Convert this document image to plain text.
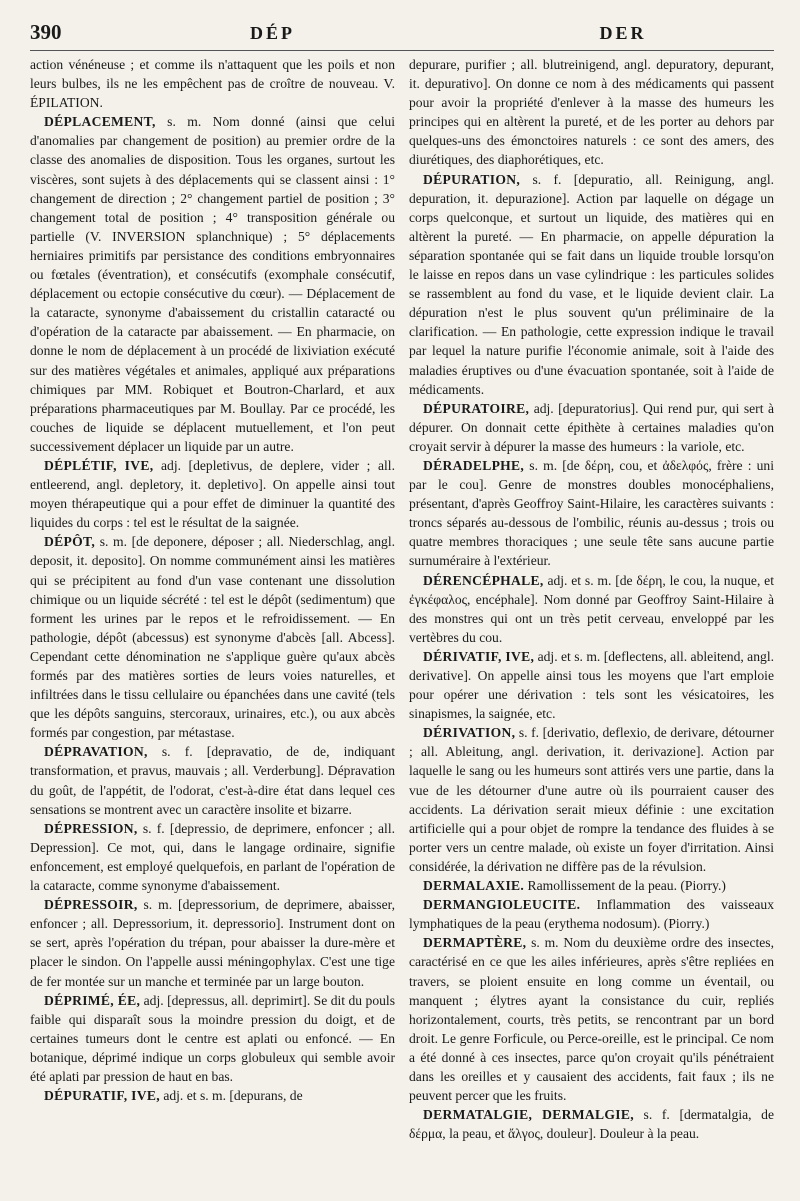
390	DÉP	DER

action vénéneuse ; et comme ils n'attaquent que les poils et non leurs bulbes, ils ne les empêchent pas de croître de nouveau. V. ÉPILATION.

DÉPLACEMENT, s. m. Nom donné (ainsi que celui d'anomalies par changement de position) au premier ordre de la classe des anomalies de disposition. Tous les organes, surtout les viscères, sont sujets à des déplacements qui se classent ainsi : 1° changement de direction ; 2° changement partiel de position ; 3° changement total de position ; 4° transposition générale ou partielle (V. INVERSION splanchnique) ; 5° déplacements herniaires primitifs par persistance des conditions embryonnaires ou fœtales (éventration), et consécutifs (exomphale consécutif, déplacement ou ectopie consécutive du cœur). — Déplacement de la cataracte, synonyme d'abaissement du cristallin cataracté ou d'opération de la cataracte par abaissement. — En pharmacie, on donne le nom de déplacement à un procédé de lixiviation exécuté sur des matières végétales et animales, appliqué aux préparations chimiques par MM. Robiquet et Boutron-Charlard, et aux préparations pharmaceutiques par M. Boullay. Par ce procédé, les couches de liquide se déplacent mutuellement, et l'on peut successivement déplacer un liquide par un autre.

DÉPLÉTIF, IVE, adj. [depletivus, de deplere, vider ; all. entleerend, angl. depletory, it. depletivo]. On appelle ainsi tout moyen thérapeutique qui a pour effet de diminuer la quantité des liquides du corps : tel est le résultat de la saignée.

DÉPÔT, s. m. [de deponere, déposer ; all. Niederschlag, angl. deposit, it. deposito]. On nomme communément ainsi les matières qui se précipitent au fond d'un vase contenant une dissolution chimique ou un liquide sécrété : tel est le dépôt (sedimentum) que forment les urines par le repos et le refroidissement. — En pathologie, dépôt (abcessus) est synonyme d'abcès [all. Abcess]. Cependant cette dénomination ne s'applique guère qu'aux abcès formés par des matières sorties de leurs voies naturelles, et infiltrées dans le tissu cellulaire ou épanchées dans une cavité (tels que les dépôts sanguins, stercoraux, urinaires, etc.), ou aux abcès formés par congestion, par métastase.

DÉPRAVATION, s. f. [depravatio, de de, indiquant transformation, et pravus, mauvais ; all. Verderbung]. Dépravation du goût, de l'appétit, de l'odorat, c'est-à-dire état dans lequel ces sensations se montrent avec un caractère insolite et bizarre.

DÉPRESSION, s. f. [depressio, de deprimere, enfoncer ; all. Depression]. Ce mot, qui, dans le langage ordinaire, signifie enfoncement, est employé quelquefois, en parlant de l'opération de la cataracte, comme synonyme d'abaissement.

DÉPRESSOIR, s. m. [depressorium, de deprimere, abaisser, enfoncer ; all. Depressorium, it. depressorio]. Instrument dont on se sert, après l'opération du trépan, pour abaisser la dure-mère et placer le sindon. On l'appelle aussi méningophylax. C'est une tige de fer montée sur un manche et terminée par un large bouton.

DÉPRIMÉ, ÉE, adj. [depressus, all. deprimirt]. Se dit du pouls faible qui disparaît sous la moindre pression du doigt, et de certaines tumeurs dont le centre est aplati ou enfoncé. — En botanique, déprimé indique un corps globuleux qui semble avoir été aplati par pression de haut en bas.

DÉPURATIF, IVE, adj. et s. m. [depurans, de

depurare, purifier ; all. blutreinigend, angl. depuratory, depurant, it. depurativo]. On donne ce nom à des médicaments qui passent pour avoir la propriété d'enlever à la masse des humeurs les principes qui en altèrent la pureté, et de les porter au dehors par quelques-uns des émonctoires naturels : ce sont des amers, des diurétiques, des diaphorétiques, etc.

DÉPURATION, s. f. [depuratio, all. Reinigung, angl. depuration, it. depurazione]. Action par laquelle on dégage un corps quelconque, et surtout un liquide, des matières qui en altèrent la pureté. — En pharmacie, on appelle dépuration la séparation spontanée qui se fait dans un liquide trouble lorsqu'on le laisse en repos dans un vase cylindrique : les particules solides se rassemblent au fond du vase, et le liquide devient clair. La dépuration n'est le plus souvent qu'un préliminaire de la clarification. — En pathologie, cette expression indique le travail par lequel la nature purifie l'économie animale, soit à l'aide des maladies éruptives ou d'une évacuation spontanée, soit à l'aide de médicaments.

DÉPURATOIRE, adj. [depuratorius]. Qui rend pur, qui sert à dépurer. On donnait cette épithète à certaines maladies qu'on croyait servir à dépurer la masse des humeurs : la variole, etc.

DÉRADELPHE, s. m. [de δέρη, cou, et ἀδελφός, frère : uni par le cou]. Genre de monstres doubles monocéphaliens, présentant, d'après Geoffroy Saint-Hilaire, les caractères suivants : troncs séparés au-dessous de l'ombilic, réunis au-dessus ; trois ou quatre membres thoraciques ; une seule tête sans aucune partie surnuméraire à l'extérieur.

DÉRENCÉPHALE, adj. et s. m. [de δέρη, le cou, la nuque, et ἐγκέφαλος, encéphale]. Nom donné par Geoffroy Saint-Hilaire à des monstres qui ont un très petit cerveau, enveloppé par les vertèbres du cou.

DÉRIVATIF, IVE, adj. et s. m. [deflectens, all. ableitend, angl. derivative]. On appelle ainsi tous les moyens que l'art emploie pour opérer une dérivation : tels sont les vésicatoires, les sinapismes, la saignée, etc.

DÉRIVATION, s. f. [derivatio, deflexio, de derivare, détourner ; all. Ableitung, angl. derivation, it. derivazione]. Action par laquelle le sang ou les humeurs sont attirés vers une partie, dans la vue de les détourner d'une autre où ils pourraient causer des accidents. La dérivation serait mieux définie : une excitation artificielle qui a pour objet de rompre la tendance des fluides à se porter vers un centre malade, où existe un foyer d'irritation. Ainsi considérée, la dérivation ne diffère pas de la révulsion.

DERMALAXIE. Ramollissement de la peau. (Piorry.)

DERMANGIOLEUCITE. Inflammation des vaisseaux lymphatiques de la peau (erythema nodosum). (Piorry.)

DERMAPTÈRE, s. m. Nom du deuxième ordre des insectes, caractérisé en ce que les ailes inférieures, après s'être repliées en travers, se ploient ensuite en long comme un éventail, ou manquent ; élytres ayant la consistance du cuir, repliés horizontalement, courts, très petits, se rencontrant par un bord droit. Le genre Forficule, ou Perce-oreille, est le principal. Ce nom a été donné à ces insectes, parce qu'on croyait qu'ils pénétraient dans les oreilles et y causaient des accidents, fait faux ; ils ne peuvent percer que les fruits.

DERMATALGIE, DERMALGIE, s. f. [dermatalgia, de δέρμα, la peau, et ἄλγος, douleur]. Douleur à la peau.
